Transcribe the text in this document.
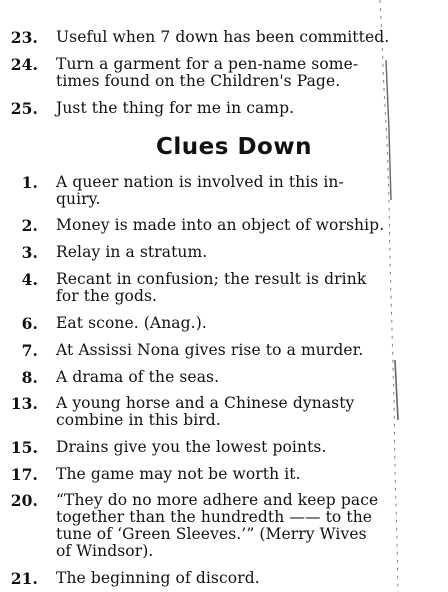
23. Useful when 7 down has been committed.
24. Turn a garment for a pen-name some-
times found on the Children's Page.
25. Just the thing for me in camp.
Clues Down
1. A queer nation is involved in this in-
quiry.
2. Money is made into an object of worship.
3. Relay in a stratum.
4. Recant in confusion; the result is drink
for the gods.
6. Eat scone. (Anag.).
7. At Assissi Nona gives rise to a murder.
8. A drama of the seas.
13. A young horse and a Chinese dynasty
combine in this bird.
15. Drains give you the lowest points.
17. The game may not be worth it.
20. “They do no more adhere and keep pace
together than the hundredth —— to the
tune of ‘Green Sleeves.’” (Merry Wives
of Windsor).
21. The beginning of discord.
